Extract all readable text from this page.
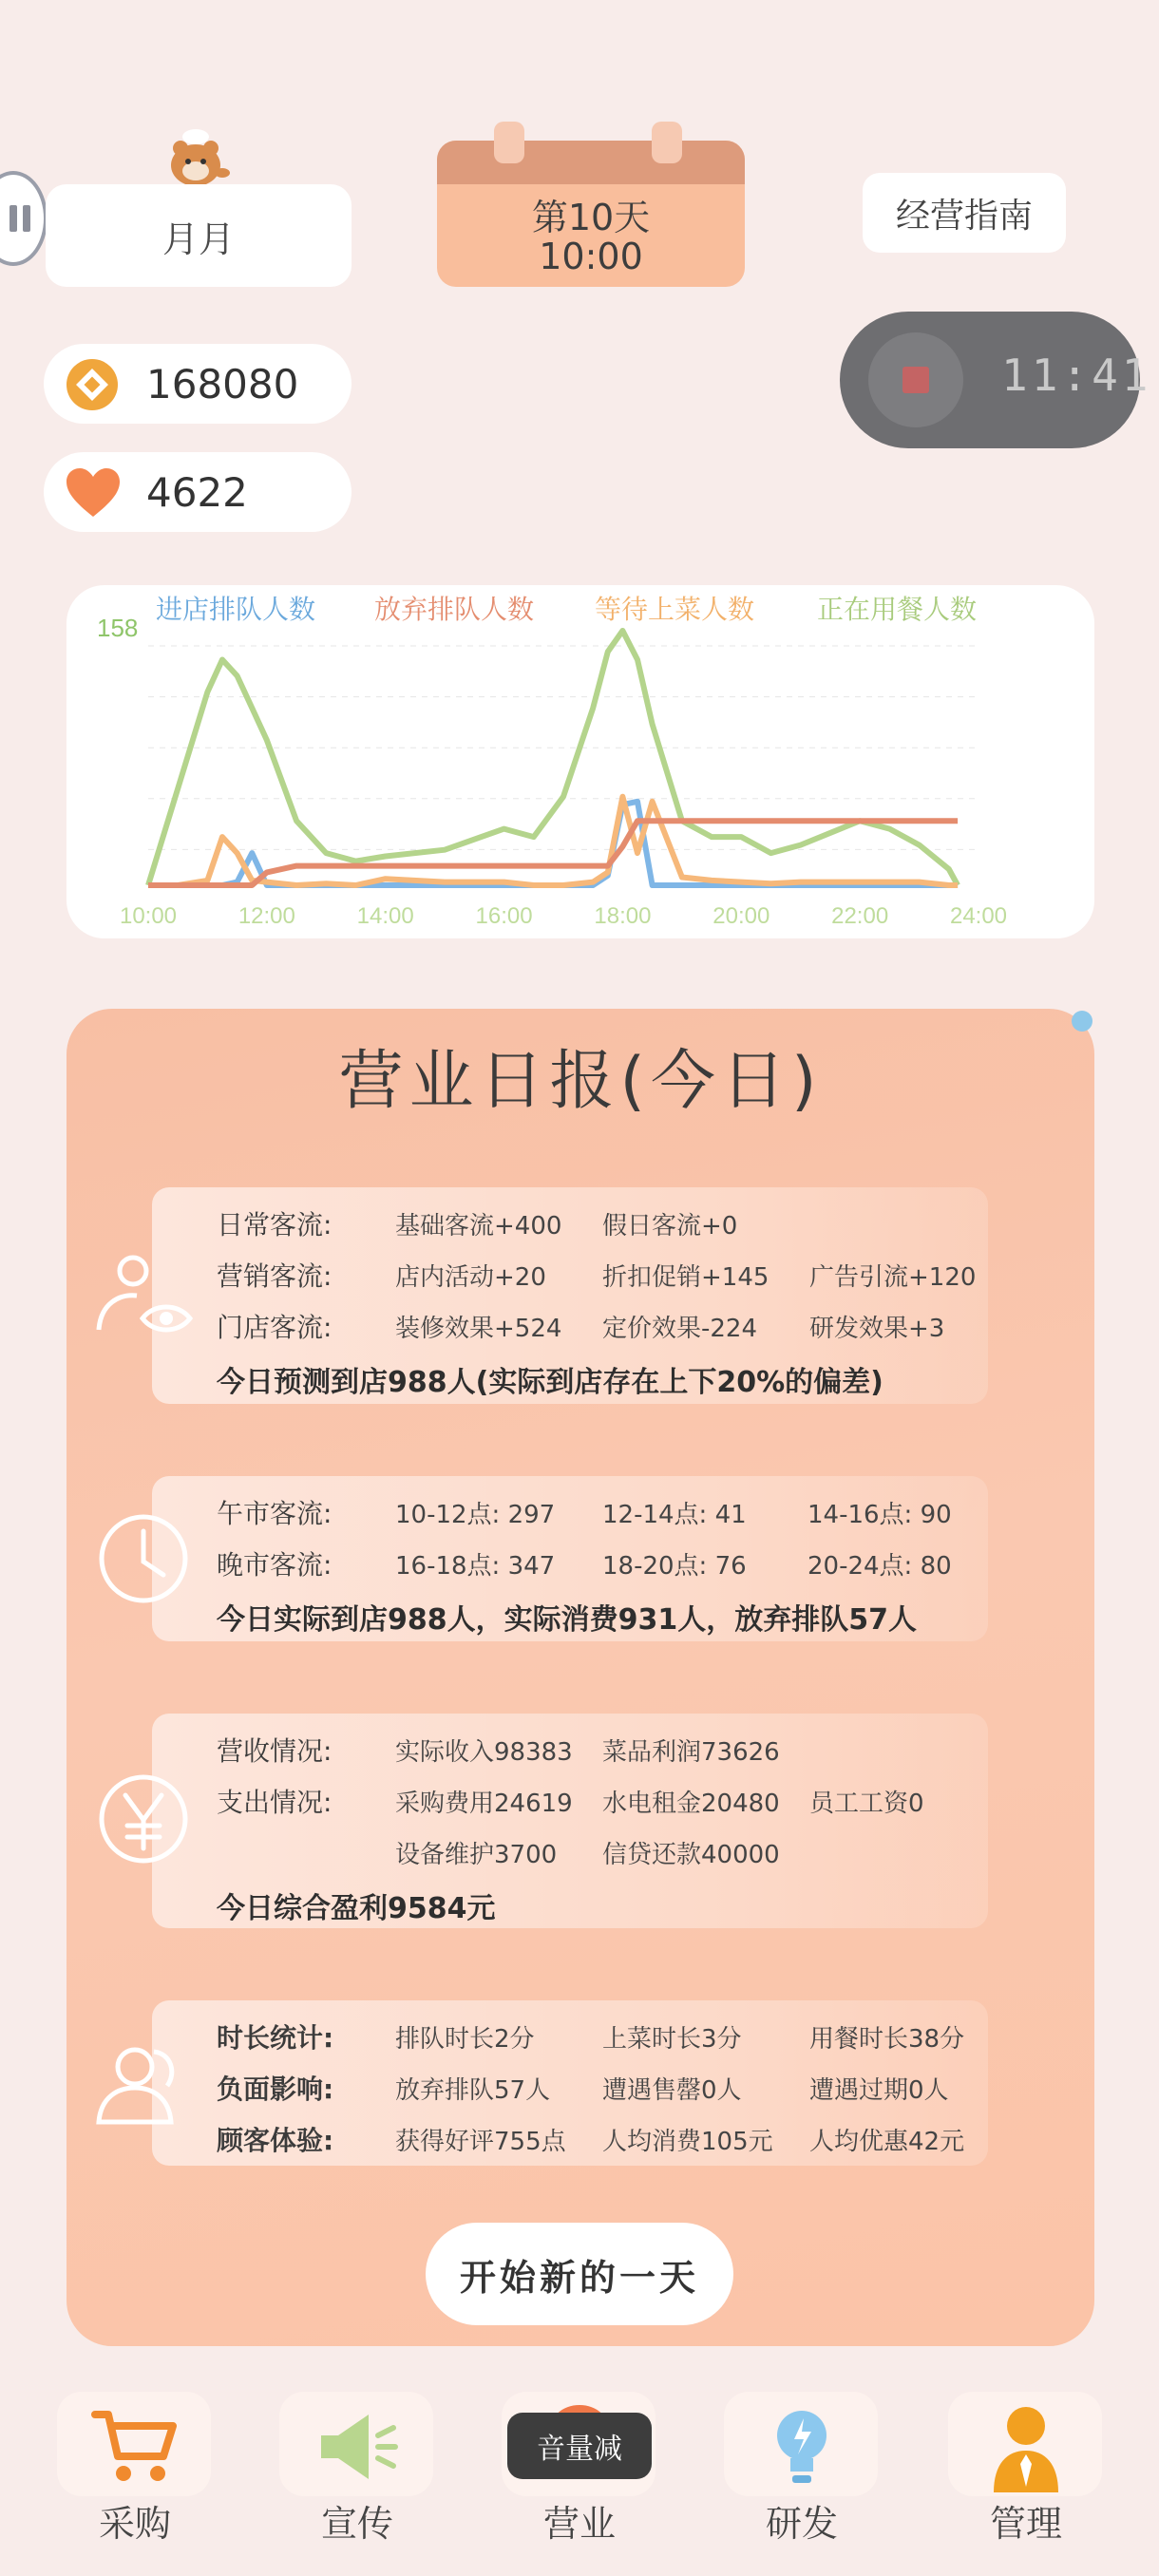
月月
第10天
10:00
经营指南
11:41
168080
4622
进店排队人数 放弃排队人数 等待上菜人数 正在用餐人数
158
10:00	12:00	14:00	16:00	18:00	20:00	22:00	24:00
营业日报(今日)
日常客流:	基础客流+400 假日客流+0
营销客流:	店内活动+20 折扣促销+145 广告引流+120
门店客流:	装修效果+524 定价效果-224 研发效果+3
今日预测到店988人(实际到店存在上下20%的偏差)
午市客流:	10-12点: 297 12-14点: 41 14-16点: 90
晚市客流:	16-18点: 347 18-20点: 76 20-24点: 80
今日实际到店988人，实际消费931人，放弃排队57人
营收情况:	实际收入98383 菜品利润73626
支出情况:	采购费用24619 水电租金20480 员工工资0
设备维护3700 信贷还款40000
今日综合盈利9584元
时长统计: 排队时长2分	上菜时长3分	用餐时长38分
负面影响: 放弃排队57人 遭遇售罄0人	遭遇过期0人
顾客体验: 获得好评755点 人均消费105元 人均优惠42元
开始新的一天
采购	宣传	营业	研发	管理
音量减
